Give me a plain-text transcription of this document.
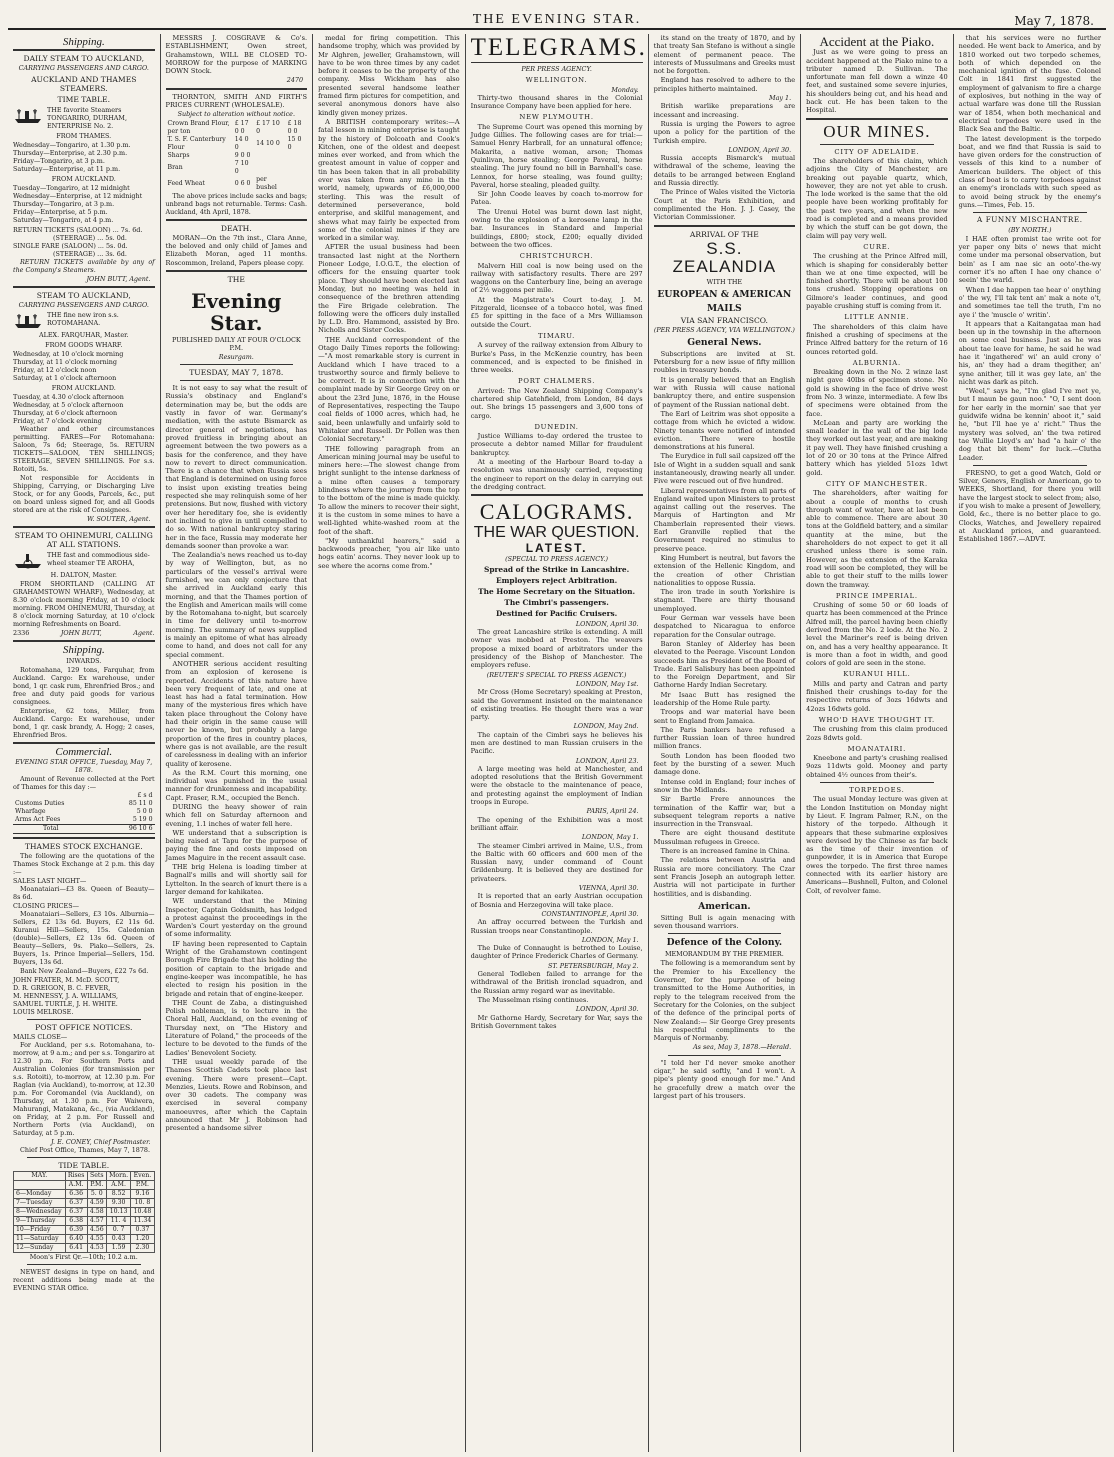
THE EVENING STAR.	May 7, 1878.
Shipping.
DAILY STEAM TO AUCKLAND,
CARRYING PASSENGERS AND CARGO.
AUCKLAND AND THAMES STEAMERS.
TIME TABLE.
THE favorite Steamers TONGARIRO, DURHAM, ENTERPRISE No. 2.
FROM THAMES.
Wednesday—Tongariro, at 1.30 p.m.
Thursday—Enterprise, at 2.30 p.m.
Friday—Tongariro, at 3 p.m.
Saturday—Enterprise, at 11 p.m.
FROM AUCKLAND.
Tuesday—Tongariro, at 12 midnight
Wednesday—Enterprise, at 12 midnight
Thursday—Tongariro, at 3 p.m.
Friday—Enterprise, at 5 p.m.
Saturday—Tongariro, at 4 p.m.
RETURN TICKETS (SALOON) ... 7s. 6d.
(STEERAGE) ... 5s. 0d.
SINGLE FARE (SALOON) ... 5s. 0d.
(STEERAGE) ... 3s. 6d.

RETURN TICKETS available by any of the Company's Steamers.

JOHN BUTT, Agent.
STEAM TO AUCKLAND,
CARRYING PASSENGERS AND CARGO.
THE fine new iron s.s. ROTOMAHANA.
ALEX. FARQUHAR, Master.
FROM GOODS WHARF.
Wednesday, at 10 o'clock morning
Thursday, at 11 o'clock morning
Friday, at 12 o'clock noon
Saturday, at 1 o'clock afternoon
FROM AUCKLAND.
Tuesday, at 4.30 o'clock afternoon
Wednesday, at 5 o'clock afternoon
Thursday, at 6 o'clock afternoon
Friday, at 7 o'clock evening

Weather and other circumstances permitting. FARES—For Rotomahana: Saloon, 7s 6d; Steerage, 5s. RETURN TICKETS—SALOON, TEN SHILLINGS; STEERAGE, SEVEN SHILLINGS. For s.s. Rotoiti, 5s.

Not responsible for Accidents in Shipping, Carrying, or Discharging Live Stock, or for any Goods, Parcels, &c., put on board unless signed for, and all Goods stored are at the risk of Consignees.

W. SOUTER, Agent.
STEAM TO OHINEMURI, CALLING AT ALL STATIONS.
THE fast and commodious side-wheel steamer TE AROHA,
H. DALTON, Master.

FROM SHORTLAND (CALLING AT GRAHAMSTOWN WHARF), Wednesday, at 8.30 o'clock morning Friday, at 10 o'clock morning. FROM OHINEMURI, Thursday, at 8 o'clock morning Saturday, at 10 o'clock morning Refreshments on Board.

2336	JOHN BUTT,	Agent.
Shipping.
INWARDS.

Rotomahana, 129 tons, Farquhar, from Auckland. Cargo: Ex warehouse, under bond, 1 qr. cask rum, Ehrenfried Bros.; and free and duty paid goods for various consignees.

Enterprise, 62 tons, Miller, from Auckland. Cargo: Ex warehouse, under bond, 1 qr. cask brandy, A. Hogg; 2 cases, Ehrenfried Bros.

Commercial.
EVENING STAR OFFICE, Tuesday, May 7, 1878.

Amount of Revenue collected at the Port of Thames for this day :—

	£ s d
Customs Duties	85 11 0
Wharfage	5 0 0
Arms Act Fees	5 19 0
Total	96 10 6
THAMES STOCK EXCHANGE.

The following are the quotations of the Thames Stock Exchange at 2 p.m. this day :—

SALES LAST NIGHT—

Moanataiari—£3 8s. Queen of Beauty—8s 6d.

CLOSING PRICES—

Moanataiari—Sellers, £3 10s. Alburnia—Sellers, £2 13s 6d. Buyers, £2 11s 6d. Kuranui Hill—Sellers, 15s. Caledonian (double)—Sellers, £2 13s 6d. Queen of Beauty—Sellers, 9s. Piako—Sellers, 2s. Buyers, 1s. Prince Imperial—Sellers, 15d. Buyers, 13s 6d.

Bank New Zealand—Buyers, £22 7s 6d.

JOHN FRATER, M. McD. SCOTT,
D. R. GREIGON, B. C. FEVER,
M. HENNESSY, J. A. WILLIAMS,
SAMUEL TURTLE, J. H. WHITE.
LOUIS MELROSE.
POST OFFICE NOTICES.
MAILS CLOSE—

For Auckland, per s.s. Rotomahana, to-morrow, at 9 a.m.; and per s.s. Tongariro at 12.30 p.m. For Southern Ports and Australian Colonies (for transmission per s.s. Rotoiti), to-morrow, at 12.30 p.m. For Raglan (via Auckland), to-morrow, at 12.30 p.m. For Coromandel (via Auckland), on Thursday, at 1.30 p.m. For Waiwera, Mahurangi, Matakana, &c., (via Auckland), on Friday, at 2 p.m. For Russell and Northern Ports (via Auckland), on Saturday, at 5 p.m.

J. E. CONEY, Chief Postmaster.

Chief Post Office, Thames, May 7, 1878.

TIDE TABLE.
MAY.	Rises	Sets	Morn.	Even.
	A.M.	P.M.	A.M.	P.M.
6—Monday	6.36	5. 0	8.52	9.16
7—Tuesday	6.37	4.59	9.30	10. 8
8—Wednesday	6.37	4.58	10.13	10.48
9—Thursday	6.38	4.57	11. 4	11.34
10—Friday	6.39	4.56	0. 7	0.37
11—Saturday	6.40	4.55	0.43	1.20
12—Sunday	6.41	4.53	1.59	2.30
Moon's First Qr.—10th; 10.2 a.m.

NEWEST designs in type on hand, and recent additions being made at the EVENING STAR Office.

MESSRS J. COSGRAVE & Co's. ESTABLISHMENT, Owen street, Grahamstown, WILL BE CLOSED TO-MORROW for the purpose of MARKING DOWN Stock.

2470

THORNTON, SMITH AND FIRTH'S PRICES CURRENT (WHOLESALE).

Subject to alteration without notice.
Crown Brand Flour, per ton	£ 17 0 0	£ 17 10 0	£ 18 0 0
T. S. F. Canterbury Flour	14 0 0	14 10 0	15 0 0
Sharps	9 0 0		
Bran	7 10 0		
Feed Wheat	0 6 0	per bushel	

The above prices include sacks and bags; unbrand bags not returnable. Terms: Cash. Auckland, 4th April, 1878.

DEATH.

MORAN—On the 7th inst., Clara Anne, the beloved and only child of James and Elizabeth Moran, aged 11 months. Roscommon, Ireland, Papers please copy.

THE
Evening Star.
PUBLISHED DAILY AT FOUR O'CLOCK P.M.
Resurgam.
TUESDAY, MAY 7, 1878.

It is not easy to say what the result of Russia's obstinacy and England's determination may be, but the odds are vastly in favor of war. Germany's mediation, with the astute Bismarck as director general of negotiations, has proved fruitless in bringing about an agreement between the two powers as a basis for the conference, and they have now to revert to direct communication. There is a chance that when Russia sees that England is determined on using force to insist upon existing treaties being respected she may relinquish some of her pretensions. But now, flushed with victory over her hereditary foe, she is evidently not inclined to give in until compelled to do so. With national bankruptcy staring her in the face, Russia may moderate her demands sooner than provoke a war.

The Zealandia's news reached us to-day by way of Wellington, but, as no particulars of the vessel's arrival were furnished, we can only conjecture that she arrived in Auckland early this morning, and that the Thames portion of the English and American mails will come by the Rotomahana to-night, but scarcely in time for delivery until to-morrow morning. The summary of news supplied is mainly an epitome of what has already come to hand, and does not call for any special comment.

ANOTHER serious accident resulting from an explosion of kerosene is reported. Accidents of this nature have been very frequent of late, and one at least has had a fatal termination. How many of the mysterious fires which have taken place throughout the Colony have had their origin in the same cause will never be known, but probably a large proportion of the fires in country places, where gas is not available, are the result of carelessness in dealing with an inferior quality of kerosene.

As the R.M. Court this morning, one individual was punished in the usual manner for drunkenness and incapability. Capt. Fraser, R.M., occupied the Bench.

DURING the heavy shower of rain which fell on Saturday afternoon and evening, 1.1 inches of water fell here.

WE understand that a subscription is being raised at Tapu for the purpose of paying the fine and costs imposed on James Maguire in the recent assault case.

THE brig Helena is loading timber at Bagnall's mills and will shortly sail for Lyttelton. In the search of knurt there is a larger demand for kahikatea.

WE understand that the Mining Inspector, Captain Goldsmith, has lodged a protest against the proceedings in the Warden's Court yesterday on the ground of some informality.

IF having been represented to Captain Wright of the Grahamstown contingent Borough Fire Brigade that his holding the position of captain to the brigade and engine-keeper was incompatible, he has elected to resign his position in the brigade and retain that of engine-keeper.

THE Count de Zaba, a distinguished Polish nobleman, is to lecture in the Choral Hall, Auckland, on the evening of Thursday next, on "The History and Literature of Poland," the proceeds of the lecture to be devoted to the funds of the Ladies' Benevolent Society.

THE usual weekly parade of the Thames Scottish Cadets took place last evening. There were present—Capt. Menzies, Lieuts. Rowe and Robinson, and over 30 cadets. The company was exercised in several company manoeuvres, after which the Captain announced that Mr J. Robinson had presented a handsome silver

medal for firing competition. This handsome trophy, which was provided by Mr Alghren, jeweller, Grahamstown, will have to be won three times by any cadet before it ceases to be the property of the company. Miss Wickham has also presented several handsome leather framed firm pictures for competition, and several anonymous donors have also kindly given money prizes.

A BRITISH contemporary writes:—A fatal lesson in mining enterprise is taught by the history of Dolcoath and Cook's Kitchen, one of the oldest and deepest mines ever worked, and from which the greatest amount in value of copper and tin has been taken that in all probability ever was taken from any mine in the world, namely, upwards of £6,000,000 sterling. This was the result of determined perseverance, bold enterprise, and skilful management, and shews what may fairly be expected from some of the colonial mines if they are worked in a similar way.

AFTER the usual business had been transacted last night at the Northern Pioneer Lodge, I.O.G.T., the election of officers for the ensuing quarter took place. They should have been elected last Monday, but no meeting was held in consequence of the brethren attending the Fire Brigade celebration. The following were the officers duly installed by L.D. Bro. Hammond, assisted by Bro. Nicholls and Sister Cocks.

THE Auckland correspondent of the Otago Daily Times reports the following:—"A most remarkable story is current in Auckland which I have traced to a trustworthy source and firmly believe to be correct. It is in connection with the complaint made by Sir George Grey on or about the 23rd June, 1876, in the House of Representatives, respecting the Taupo coal fields of 1000 acres, which had, he said, been unlawfully and unfairly sold to Whitaker and Russell. Dr Pollen was then Colonial Secretary."

THE following paragraph from an American mining journal may be useful to miners here:—The slowest change from bright sunlight to the intense darkness of a mine often causes a temporary blindness where the journey from the top to the bottom of the mine is made quickly. To allow the miners to recover their sight, it is the custom in some mines to have a well-lighted white-washed room at the foot of the shaft.

"My unthankful hearers," said a backwoods preacher, "you air like unto hogs eatin' acorns. They never look up to see where the acorns come from."

TELEGRAMS.
PER PRESS AGENCY.
WELLINGTON.
Monday.

Thirty-two thousand shares in the Colonial Insurance Company have been applied for here.

NEW PLYMOUTH.

The Supreme Court was opened this morning by Judge Gillies. The following cases are for trial:—Samuel Henry Harbrall, for an unnatural offence; Makarita, a native woman, arson; Thomas Quinlivan, horse stealing; George Paveral, horse stealing. The jury found no bill in Barnhall's case. Lennox, for horse stealing, was found guilty; Paveral, horse stealing, pleaded guilty.

Sir John Coode leaves by coach to-morrow for Patea.

The Urenui Hotel was burnt down last night, owing to the explosion of a kerosene lamp in the bar. Insurances in Standard and Imperial buildings, £800; stock, £200; equally divided between the two offices.

CHRISTCHURCH.

Malvern Hill coal is now being used on the railway with satisfactory results. There are 297 waggons on the Canterbury line, being an average of 2½ waggons per mile.

At the Magistrate's Court to-day, J. M. Fitzgerald, licensee of a tobacco hotel, was fined £5 for spitting in the face of a Mrs Williamson outside the Court.

TIMARU.

A survey of the railway extension from Albury to Burke's Pass, in the McKenzie country, has been commenced, and is expected to be finished in three weeks.

PORT CHALMERS.

Arrived: The New Zealand Shipping Company's chartered ship Gatehfield, from London, 84 days out. She brings 15 passengers and 3,600 tons of cargo.

DUNEDIN.

Justice Williams to-day ordered the trustee to prosecute a debtor named Millar for fraudulent bankruptcy.

At a meeting of the Harbour Board to-day a resolution was unanimously carried, requesting the engineer to report on the delay in carrying out the dredging contract.

CALOGRAMS.
THE WAR QUESTION.
LATEST.
(SPECIAL TO PRESS AGENCY.)
Spread of the Strike in Lancashire.
Employers reject Arbitration.
The Home Secretary on the Situation.
The Cimbri's passengers.
Destined for Pacific Cruisers.
LONDON, April 30.

The great Lancashire strike is extending. A mill owner was mobbed at Preston. The weavers propose a mixed board of arbitrators under the presidency of the Bishop of Manchester. The employers refuse.

(REUTER'S SPECIAL TO PRESS AGENCY.)
LONDON, May 1st.

Mr Cross (Home Secretary) speaking at Preston, said the Government insisted on the maintenance of existing treaties. He thought there was a war party.

LONDON, May 2nd.

The captain of the Cimbri says he believes his men are destined to man Russian cruisers in the Pacific.

LONDON, April 23.

A large meeting was held at Manchester, and adopted resolutions that the British Government were the obstacle to the maintenance of peace, and protesting against the employment of Indian troops in Europe.

PARIS, April 24.

The opening of the Exhibition was a most brilliant affair.

LONDON, May 1.

The steamer Cimbri arrived in Maine, U.S., from the Baltic with 60 officers and 600 men of the Russian navy, under command of Count Grildenburg. It is believed they are destined for privateers.

VIENNA, April 30.

It is reported that an early Austrian occupation of Bosnia and Herzegovina will take place.

CONSTANTINOPLE, April 30.

An affray occurred between the Turkish and Russian troops near Constantinople.

LONDON, May 1.

The Duke of Connaught is betrothed to Louise, daughter of Prince Frederick Charles of Germany.

ST. PETERSBURGH, May 2.

General Todleben failed to arrange for the withdrawal of the British ironclad squadron, and the Russian army regard war as inevitable.

The Musselman rising continues.

LONDON, April 30.

Mr Gathorne Hardy, Secretary for War, says the British Government takes

its stand on the treaty of 1870, and by that treaty San Stefano is without a single element of permanent peace. The interests of Mussulmans and Greeks must not be forgotten.

England has resolved to adhere to the principles hitherto maintained.

May 1.

British warlike preparations are incessant and increasing.

Russia is urging the Powers to agree upon a policy for the partition of the Turkish empire.

LONDON, April 30.

Russia accepts Bismarck's mutual withdrawal of the scheme, leaving the details to be arranged between England and Russia directly.

The Prince of Wales visited the Victoria Court at the Paris Exhibition, and complimented the Hon. J. J. Casey, the Victorian Commissioner.

ARRIVAL OF THE
S.S. ZEALANDIA
WITH THE
EUROPEAN & AMERICAN
MAILS
VIA SAN FRANCISCO.
(PER PRESS AGENCY, VIA WELLINGTON.)
General News.

Subscriptions are invited at St. Petersburg for a new issue of fifty million roubles in treasury bonds.

It is generally believed that an English war with Russia will cause national bankruptcy there, and entire suspension of payment of the Russian national debt.

The Earl of Leitrim was shot opposite a cottage from which he evicted a widow. Ninety tenants were notified of intended eviction. There were hostile demonstrations at his funeral.

The Eurydice in full sail capsized off the Isle of Wight in a sudden squall and sank instantaneously, drawing nearly all under. Five were rescued out of five hundred.

Liberal representatives from all parts of England waited upon Ministers to protest against calling out the reserves. The Marquis of Hartington and Mr Chamberlain represented their views. Earl Granville replied that the Government required no stimulus to preserve peace.

King Humbert is neutral, but favors the extension of the Hellenic Kingdom, and the creation of other Christian nationalities to oppose Russia.

The iron trade in south Yorkshire is stagnant. There are thirty thousand unemployed.

Four German war vessels have been despatched to Nicaragua to enforce reparation for the Consular outrage.

Baron Stanley of Alderley has been elevated to the Peerage. Viscount London succeeds him as President of the Board of Trade. Earl Salisbury has been appointed to the Foreign Department, and Sir Gathorne Hardy Indian Secretary.

Mr Isaac Butt has resigned the leadership of the Home Rule party.

Troops and war material have been sent to England from Jamaica.

The Paris bankers have refused a further Russian loan of three hundred million francs.

South London has been flooded two feet by the bursting of a sewer. Much damage done.

Intense cold in England; four inches of snow in the Midlands.

Sir Bartle Frere announces the termination of the Kaffir war, but a subsequent telegram reports a native insurrection in the Transvaal.

There are eight thousand destitute Mussulman refugees in Greece.

There is an increased famine in China.

The relations between Austria and Russia are more conciliatory. The Czar sent Francis Joseph an autograph letter. Austria will not participate in further hostilities, and is disbanding.

American.

Sitting Bull is again menacing with seven thousand warriors.

Defence of the Colony.
MEMORANDUM BY THE PREMIER.

The following is a memorandum sent by the Premier to his Excellency the Governor, for the purpose of being transmitted to the Home Authorities, in reply to the telegram received from the Secretary for the Colonies, on the subject of the defence of the principal ports of New Zealand:— Sir George Grey presents his respectful compliments to the Marquis of Normanby.

As sea, May 3, 1878.—Herald.

"I told her I'd never smoke another cigar," he said softly, "and I won't. A pipe's plenty good enough for me." And he gracefully drew a match over the largest part of his trousers.

Accident at the Piako.

Just as we were going to press an accident happened at the Piako mine to a tributer named D. Sullivan. The unfortunate man fell down a winze 40 feet, and sustained some severe injuries, his shoulders being cut, and his head and back cut. He has been taken to the Hospital.

OUR MINES.
CITY OF ADELAIDE.

The shareholders of this claim, which adjoins the City of Manchester, are breaking out payable quartz, which, however, they are not yet able to crush. The lode worked is the same that the old people have been working profitably for the past two years, and when the new road is completed and a means provided by which the stuff can be got down, the claim will pay very well.

CURE.

The crushing at the Prince Alfred mill, which is shaping for considerably better than we at one time expected, will be finished shortly. There will be about 100 tons crushed. Stopping operations on Gilmore's leader continues, and good payable crushing stuff is coming from it.

LITTLE ANNIE.

The shareholders of this claim have finished a crushing of specimens at the Prince Alfred battery for the return of 16 ounces retorted gold.

ALBURNIA.

Breaking down in the No. 2 winze last night gave 40lbs of specimen stone. No gold is showing in the face of drive west from No. 3 winze, intermediate. A few lbs of specimens were obtained from the face.

McLean and party are working the small leader in the wall of the big lode they worked out last year, and are making it pay well. They have finished crushing a lot of 20 or 30 tons at the Prince Alfred battery which has yielded 51ozs 1dwt gold.

CITY OF MANCHESTER.

The shareholders, after waiting for about a couple of months to crush through want of water, have at last been able to commence. There are about 30 tons at the Goldfield battery, and a similar quantity at the mine, but the shareholders do not expect to get it all crushed unless there is some rain. However, as the extension of the Karaka road will soon be completed, they will be able to get their stuff to the mills lower down the tramway.

PRINCE IMPERIAL.

Crushing of some 50 or 60 loads of quartz has been commenced at the Prince Alfred mill, the parcel having been chiefly derived from the No. 2 lode. At the No. 2 level the Mariner's reef is being driven on, and has a very healthy appearance. It is more than a foot in width, and good colors of gold are seen in the stone.

KURANUI HILL.

Mills and party and Catran and party finished their crushings to-day for the respective returns of 3ozs 16dwts and 42ozs 16dwts gold.

WHO'D HAVE THOUGHT IT.

The crushing from this claim produced 2ozs 8dwts gold.

MOANATAIRI.

Kneebone and party's crushing realised 9ozs 11dwts gold. Mooney and party obtained 4½ ounces from their's.

TORPEDOES.

The usual Monday lecture was given at the London Institution on Monday night by Lieut. F. Ingram Palmer, R.N., on the history of the torpedo. Although it appears that these submarine explosives were devised by the Chinese as far back as the time of their invention of gunpowder, it is in America that Europe owes the torpedo. The first three names connected with its earlier history are Americans—Bushnell, Fulton, and Colonel Colt, of revolver fame.

that his services were no further needed. He went back to America, and by 1810 worked out two torpedo schemes, both of which depended on the mechanical ignition of the fuse. Colonel Colt in 1841 first suggested the employment of galvanism to fire a charge of explosives, but nothing in the way of actual warfare was done till the Russian war of 1854, when both mechanical and electrical torpedoes were used in the Black Sea and the Baltic.

The latest development is the torpedo boat, and we find that Russia is said to have given orders for the construction of vessels of this kind to a number of American builders. The object of this class of boat is to carry torpedoes against an enemy's ironclads with such speed as to avoid being struck by the enemy's guns.—Times, Feb. 15.

A FUNNY MISCHANTRE.
(BY NORTH.)

I HAE often promist tae write oot for yer paper ony bits o' news that micht come under ma personal observation, but bein' as I am nae sic an ooto'-the-wy corner it's no aften I hae ony chance o' seein' the warld.

When I dae happen tae hear o' onything o' the wy, I'll tak tent an' mak a note o't, and sometimes tae tell the truth, I'm no aye i' the 'muscle o' writin'.

It appears that a Kaitangataa man had been up in the township in the afternoon on some coal business. Just as he was about tae leave for hame, he said he wad hae it 'ingathered' wi' an auld crony o' his, an' they had a dram thegither, an' syne anither, till it was gey late, an' the nicht was dark as pitch.

"Weel," says he, "I'm glad I've met ye, but I maun be gaun noo." "O, I sent doon for her early in the mornin' sae that yer guidwife widna be kennin' aboot it," said he, "but I'll hae ye a' richt." Thus the mystery was solved, an' the twa retired tae Wullie Lloyd's an' had "a hair o' the dog that bit them" for luck.—Clutha Leader.

FRESNO, to get a good Watch, Gold or Silver, Genevs, English or American, go to WEEKS, Shortland, for there you will have the largest stock to select from; also, if you wish to make a present of Jewellery, Gold, &c., there is no better place to go. Clocks, Watches, and Jewellery repaired at Auckland prices, and guaranteed. Established 1867.—ADVT.
